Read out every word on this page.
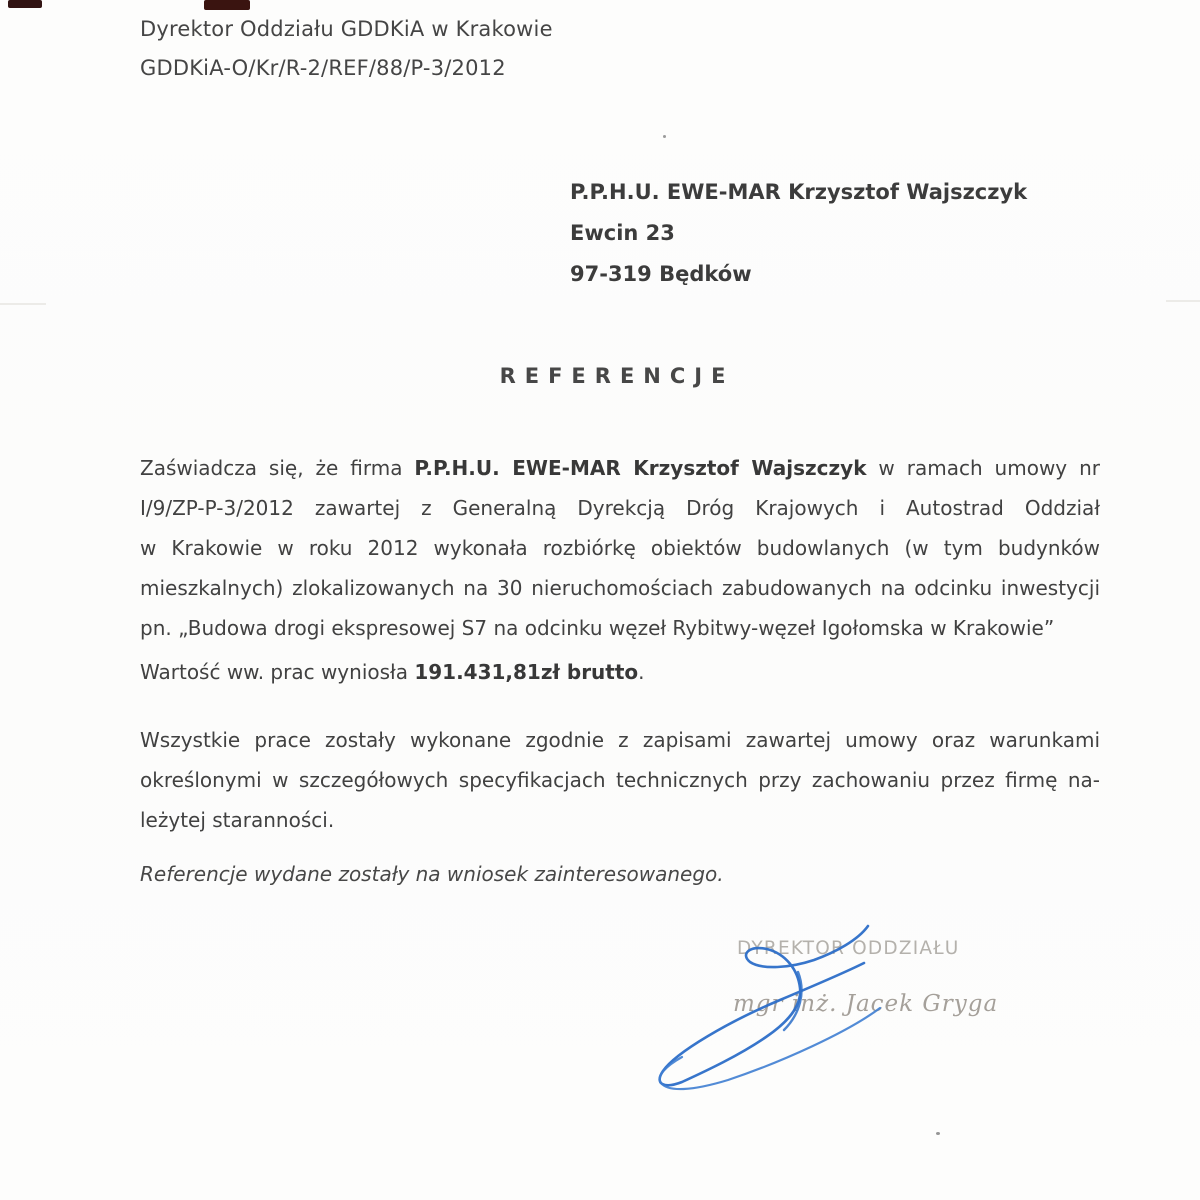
Dyrektor Oddziału GDDKiA w Krakowie
GDDKiA-O/Kr/R-2/REF/88/P-3/2012
P.P.H.U. EWE-MAR Krzysztof Wajszczyk
Ewcin 23
97-319 Będków
REFERENCJE
Zaświadcza się, że firma P.P.H.U. EWE-MAR Krzysztof Wajszczyk w ramach umowy nr
I/9/ZP-P-3/2012 zawartej z Generalną Dyrekcją Dróg Krajowych i Autostrad Oddział
w Krakowie w roku 2012 wykonała rozbiórkę obiektów budowlanych (w tym budynków
mieszkalnych) zlokalizowanych na 30 nieruchomościach zabudowanych na odcinku inwestycji
pn. „Budowa drogi ekspresowej S7 na odcinku węzeł Rybitwy-węzeł Igołomska w Krakowie”
Wartość ww. prac wyniosła 191.431,81zł brutto.
Wszystkie prace zostały wykonane zgodnie z zapisami zawartej umowy oraz warunkami
określonymi w szczegółowych specyfikacjach technicznych przy zachowaniu przez firmę na-
leżytej staranności.
Referencje wydane zostały na wniosek zainteresowanego.
DYREKTOR ODDZIAŁU
mgr inż. Jacek Gryga
